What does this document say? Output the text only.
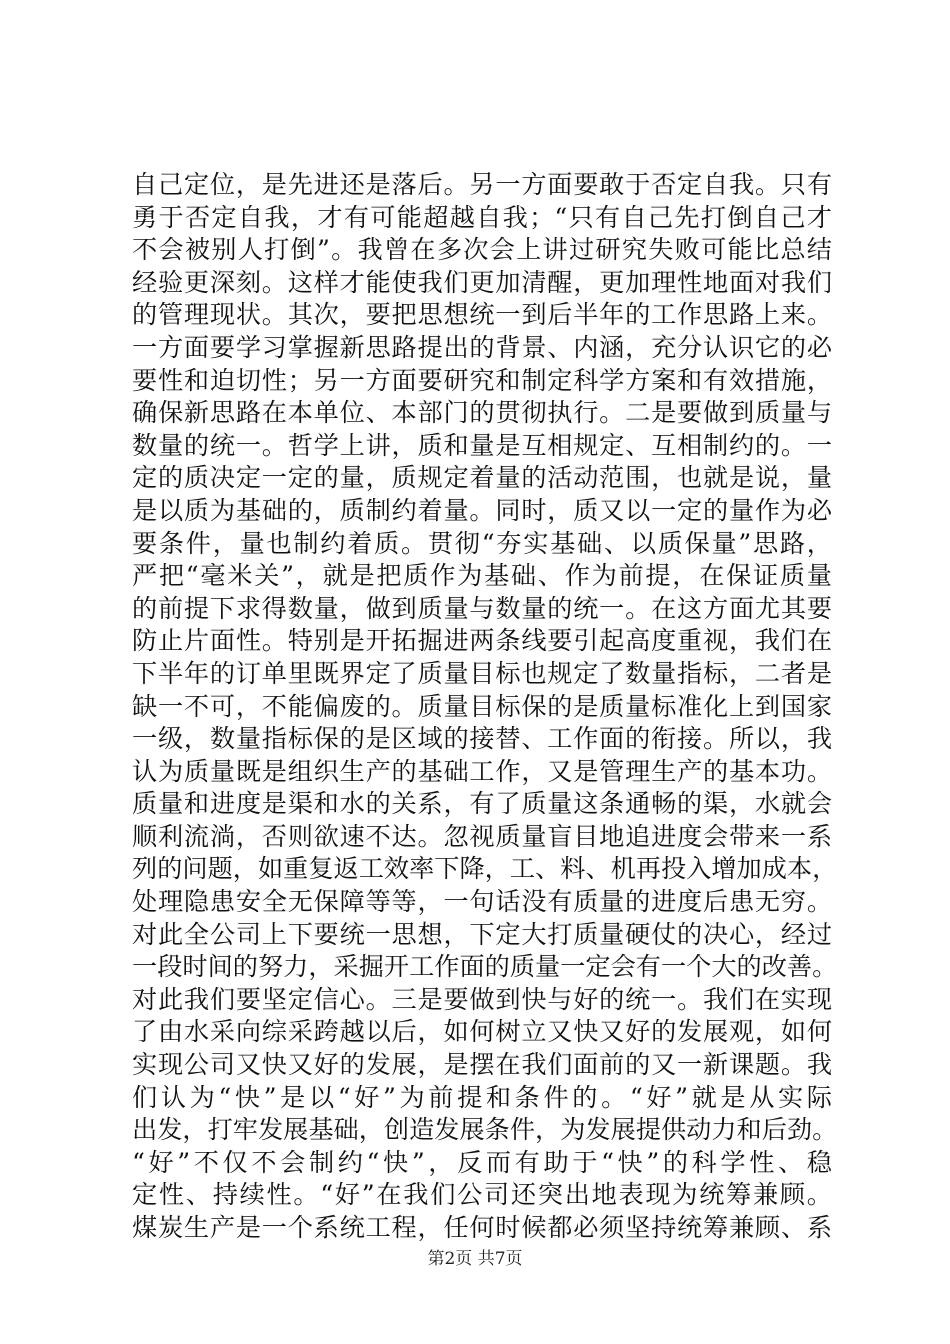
自己定位，是先进还是落后。另一方面要敢于否定自我。只有
勇于否定自我，才有可能超越自我；“只有自己先打倒自己才
不会被别人打倒”。我曾在多次会上讲过研究失败可能比总结
经验更深刻。这样才能使我们更加清醒，更加理性地面对我们
的管理现状。其次，要把思想统一到后半年的工作思路上来。
一方面要学习掌握新思路提出的背景、内涵，充分认识它的必
要性和迫切性；另一方面要研究和制定科学方案和有效措施，
确保新思路在本单位、本部门的贯彻执行。二是要做到质量与
数量的统一。哲学上讲，质和量是互相规定、互相制约的。一
定的质决定一定的量，质规定着量的活动范围，也就是说，量
是以质为基础的，质制约着量。同时，质又以一定的量作为必
要条件，量也制约着质。贯彻“夯实基础、以质保量”思路，
严把“毫米关”，就是把质作为基础、作为前提，在保证质量
的前提下求得数量，做到质量与数量的统一。在这方面尤其要
防止片面性。特别是开拓掘进两条线要引起高度重视，我们在
下半年的订单里既界定了质量目标也规定了数量指标，二者是
缺一不可，不能偏废的。质量目标保的是质量标准化上到国家
一级，数量指标保的是区域的接替、工作面的衔接。所以，我
认为质量既是组织生产的基础工作，又是管理生产的基本功。
质量和进度是渠和水的关系，有了质量这条通畅的渠，水就会
顺利流淌，否则欲速不达。忽视质量盲目地追进度会带来一系
列的问题，如重复返工效率下降，工、料、机再投入增加成本，
处理隐患安全无保障等等，一句话没有质量的进度后患无穷。
对此全公司上下要统一思想，下定大打质量硬仗的决心，经过
一段时间的努力，采掘开工作面的质量一定会有一个大的改善。
对此我们要坚定信心。三是要做到快与好的统一。我们在实现
了由水采向综采跨越以后，如何树立又快又好的发展观，如何
实现公司又快又好的发展，是摆在我们面前的又一新课题。我
们认为“快”是以“好”为前提和条件的。“好”就是从实际
出发，打牢发展基础，创造发展条件，为发展提供动力和后劲。
“好”不仅不会制约“快”，反而有助于“快”的科学性、稳
定性、持续性。“好”在我们公司还突出地表现为统筹兼顾。
煤炭生产是一个系统工程，任何时候都必须坚持统筹兼顾、系
第2页 共7页
